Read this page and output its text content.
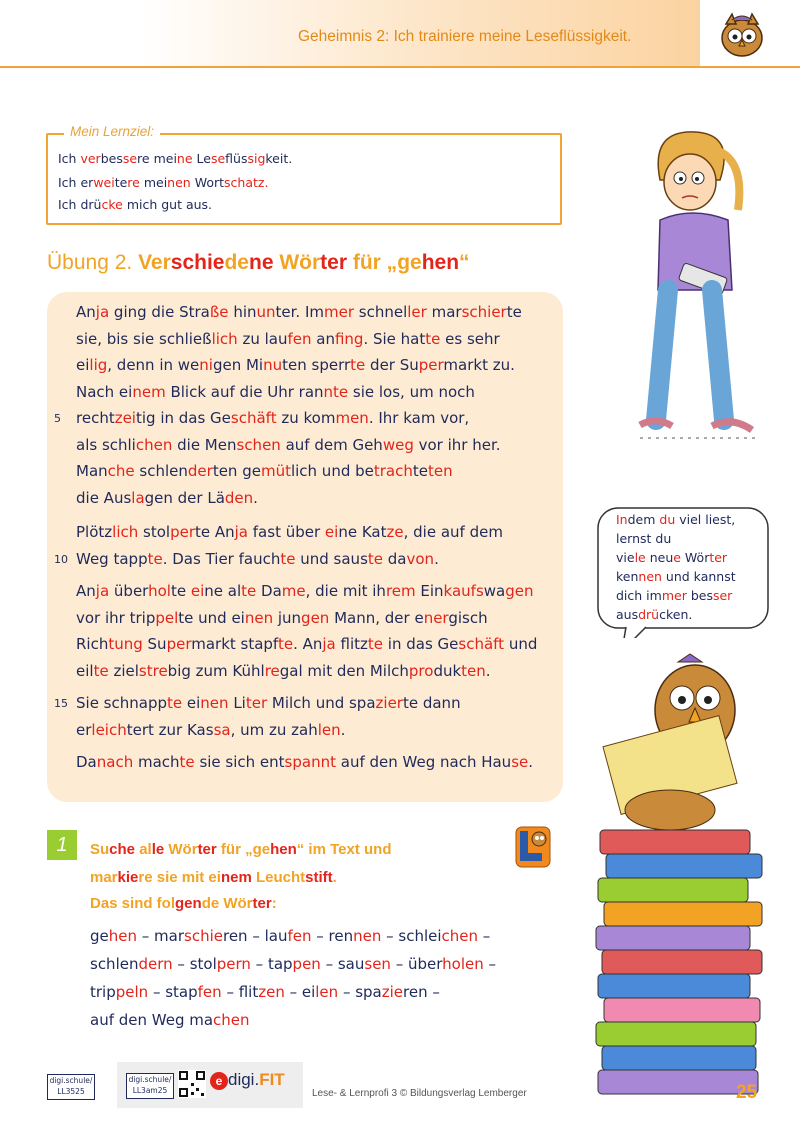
Geheimnis 2: Ich trainiere meine Leseflüssigkeit.
Mein Lernziel:
Ich verbessere meine Leseflüssigkeit.
Ich erweitere meinen Wortschatz.
Ich drücke mich gut aus.
Übung 2. Verschiedene Wörter für „gehen“
Anja ging die Straße hinunter. Immer schneller marschierte
sie, bis sie schließlich zu laufen anfing. Sie hatte es sehr
eilig, denn in wenigen Minuten sperrte der Supermarkt zu.
Nach einem Blick auf die Uhr rannte sie los, um noch
rechtzeitig in das Geschäft zu kommen. Ihr kam vor,
als schlichen die Menschen auf dem Gehweg vor ihr her.
Manche schlenderten gemütlich und betrachteten
die Auslagen der Läden.
Plötzlich stolperte Anja fast über eine Katze, die auf dem
Weg tappte. Das Tier fauchte und sauste davon.
Anja überholte eine alte Dame, die mit ihrem Einkaufswagen
vor ihr trippelte und einen jungen Mann, der energisch
Richtung Supermarkt stapfte. Anja flitzte in das Geschäft und
eilte zielstrebig zum Kühlregal mit den Milchprodukten.
Sie schnappte einen Liter Milch und spazierte dann
erleichtert zur Kassa, um zu zahlen.
Danach machte sie sich entspannt auf den Weg nach Hause.
5
10
15
1	Suche alle Wörter für „gehen“ im Text und
markiere sie mit einem Leuchtstift.
Das sind folgende Wörter:
gehen – marschieren – laufen – rennen – schleichen –
schlendern – stolpern – tappen – sausen – überholen –
trippeln – stapfen – flitzen – eilen – spazieren –
auf den Weg machen
Indem du viel liest,
lernst du
viele neue Wörter
kennen und kannst
dich immer besser
ausdrücken.
digi.schule/
LL3525
digi.schule/
LL3am25
e digi.FIT
Lese- & Lernprofi 3 © Bildungsverlag Lemberger	25
